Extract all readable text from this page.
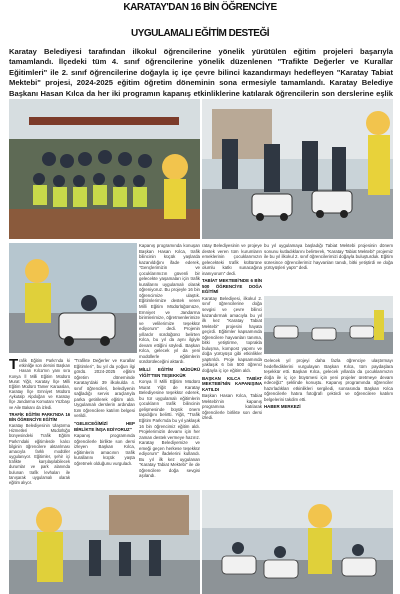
KARATAY'DAN 16 BİN ÖĞRENCİYE
UYGULAMALI EĞİTİM DESTEĞİ

Karatay Belediyesi tarafından ilkokul öğrencilerine yönelik yürütülen eğitim projeleri başarıyla tamamlandı. İlçedeki tüm 4. sınıf öğrencilerine yönelik düzenlenen "Trafikte Değerler ve Kurallar Eğitimleri" ile 2. sınıf öğrencilerine doğayla iç içe çevre bilinci kazandırmayı hedefleyen "Karatay Tabiat Mektebi" projesi, 2024-2025 eğitim öğretim döneminin sona ermesiyle tamamlandı. Karatay Belediye Başkanı Hasan Kılca da her iki programın kapanış etkinliklerine katılarak öğrencilerin son derslerine eşlik

Trafik Eğitim Parkı'nda ki etkinliğe son dersini Başkan Hasan Kılca'nın yanı sıra Konya İl Milli Eğitim Müdürü Murat Yiğit, Karatay İlçe Milli Eğitim Müdürü Tamer Karaaslan, Karatay İlçe Emniyet Müdürü Aykutalp Alpdoğan ve Karatay İlçe Jandarma Komutanı Yüzbaşı ve Aile Bakanı da izledi.

TRAFİK EĞİTİM PARKI'NDA 16 BİN ÖĞRENCİYE EĞİTİM

Karatay Belediyesinin Ulaştırma Hizmetleri Müdürlüğü bünyesindeki Trafik Eğitim Parkı'ndaki eğitimlerde kalıcı bilginin öğrencilere aktarılması amacıyla farklı modüller uygulanıyor. Eğitimler, şehir içi trafikte karşılaşılabilecek durumlar ve park alanında bulunan trafik levhaları ile tanışarak uygulamalı olarak eğitim alıyor.

"Trafikte Değerler ve Kurallar Eğitimleri", bu yıl da yoğun ilgi gördü. 2024-2025 eğitim öğretim döneminde Karatay'daki 39 ilkokulda 4. sınıf öğrencileri, belediyenin sağladığı servis araçlarıyla parka getirilerek eğitim aldı. Uygulamalı derslerin ardından tüm öğrencilere katılım belgesi verildi.

"GELECEĞİMİZİ HEP BİRLİKTE İNŞA EDİYORUZ"

Kapanış programında öğrencilerle birlikte son dersi izleyen Başkan Kılca, eğitimlerin amacının trafik kurallarını küçük yaşta öğretmek olduğunu vurguladı.

Kapanış programında konuşan Başkan Hasan Kılca, trafik bilincinin küçük yaşlarda kazanıldığını ifade ederek, "Gençlerimizin ve çocuklarımızın güvenli bir gelecekte yaşamaları için trafik kurallarını uygulamalı olarak öğreniyoruz. Bu projeyle 16 bin öğrencimize ulaştık. Eğitimlerimize destek veren Milli Eğitim Müdürlüğümüze, Emniyet ve Jandarma birimlerimize, öğretmenlerimize ve velilerimize teşekkür ediyorum" dedi. Projenin yıllardır sürdüğünü belirten Kılca, bu yıl da aynı ilgiyle devam ettiğini söyledi. Başkan Kılca, gelecek yıl da yeni modüllerle eğitimlerin sürdürüleceğini aktardı.

MİLLİ EĞİTİM MÜDÜRÜ YİĞİT'TEN TEŞEKKÜR

Konya İl Milli Eğitim Müdürü Murat Yiğit de Karatay Belediyesine teşekkür ederek, bu tür uygulamalı eğitimlerin çocukların trafik bilincinin gelişmesinde büyük önem taşıdığını belirtti. Yiğit, "Trafik Eğitim Parkı'nda bu yıl yaklaşık 16 bin öğrencimiz eğitim aldı. Projelerimizin devamı için her zaman destek vermeye hazırız. Karatay Belediyemize ve emeği geçen herkese teşekkür ediyorum" ifadelerini kullandı. Bu yıl ilk kez uygulanan "Karatay Tabiat Mektebi" ile de öğrencilere doğa sevgisi aşılandı.

ratay Belediyesinin ve projeye destek veren tüm kurumların emeklerinin çocuklarımızın gelecekteki trafik kültürüne olumlu katkı sunacağına inanıyorum" dedi.

TABİAT MEKTEBİ'NDE 6 BİN 500 ÖĞRENCİYE DOĞA EĞİTİMİ

Karatay Belediyesi, ilkokul 2. sınıf öğrencilerine doğa sevgisi ve çevre bilinci kazandırmak amacıyla bu yıl ilk kez "Karatay Tabiat Mektebi" projesini hayata geçirdi. Eğitimler kapsamında öğrencilere hayvanları tanıma, bitki yetiştirme, toprakla buluşma, kompost yapımı ve doğa yürüyüşü gibi etkinlikler yaptırıldı. Proje kapsamında yaklaşık 6 bin 500 öğrenci doğayla iç içe eğitim aldı.

BAŞKAN KILCA TABİAT MEKTEBİ'NİN KAPANIŞINA KATILDI

Başkan Hasan Kılca, Tabiat Mektebi'nin kapanış programına katılarak öğrencilerle birlikte son dersi izledi.

bu yıl uygulamaya başladığı Tabiat Mektebi projesinin dönem sonunu kutladıklarını belirterek, "Karatay Tabiat Mektebi" projemiz ile bu yıl ilkokul 2. sınıf öğrencilerimizi doğayla buluşturduk. Eğitim süresince öğrencilerimiz hayvanları tanıdı, bitki yetiştirdi ve doğa yürüyüşleri yaptı" dedi.

Gelecek yıl projeyi daha fazla öğrenciye ulaştırmayı hedeflediklerini vurgulayan Başkan Kılca, tüm paydaşlara teşekkür etti. Başkan Kılca, gelecek yıllarda da çocuklarımızın doğa ile iç içe büyümesi için yeni projeler üretmeye devam edeceğiz" şeklinde konuştu. Kapanış programında öğrenciler hazırladıkları etkinlikleri sergiledi, sonrasında Başkan Kılca öğrencilerle hatıra fotoğrafı çektirdi ve öğrencilere katılım belgelerini takdim etti.

HABER MERKEZİ
